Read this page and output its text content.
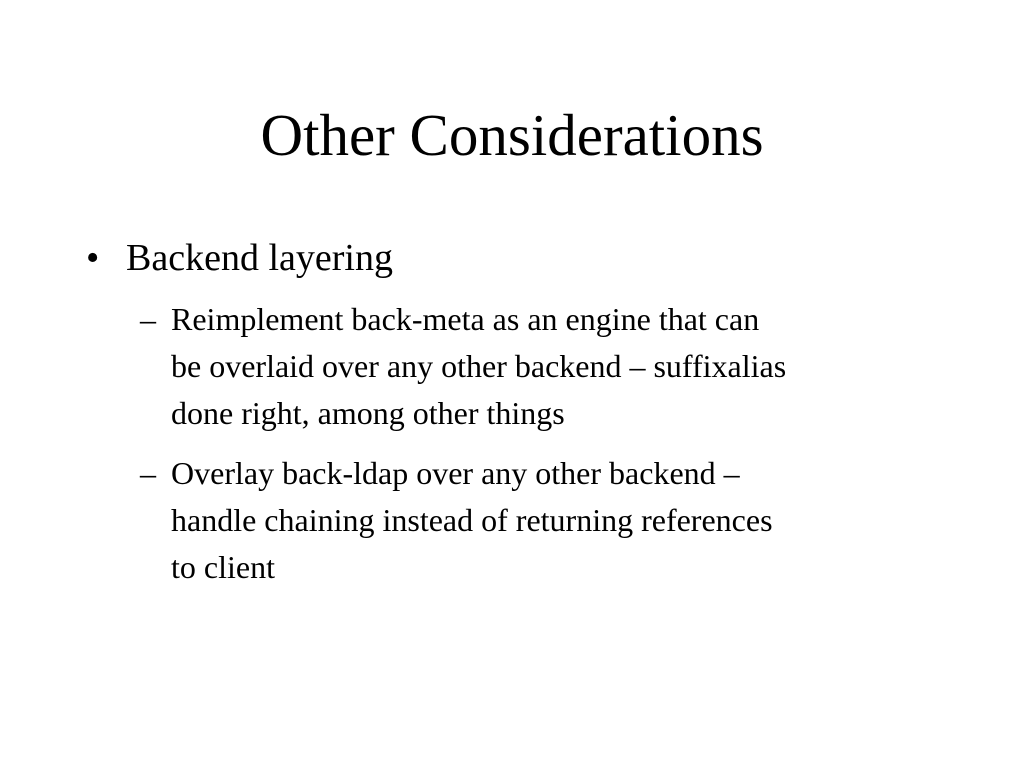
Other Considerations
• Backend layering
– Reimplement back-meta as an engine that can
be overlaid over any other backend – suffixalias
done right, among other things
– Overlay back-ldap over any other backend –
handle chaining instead of returning references
to client
